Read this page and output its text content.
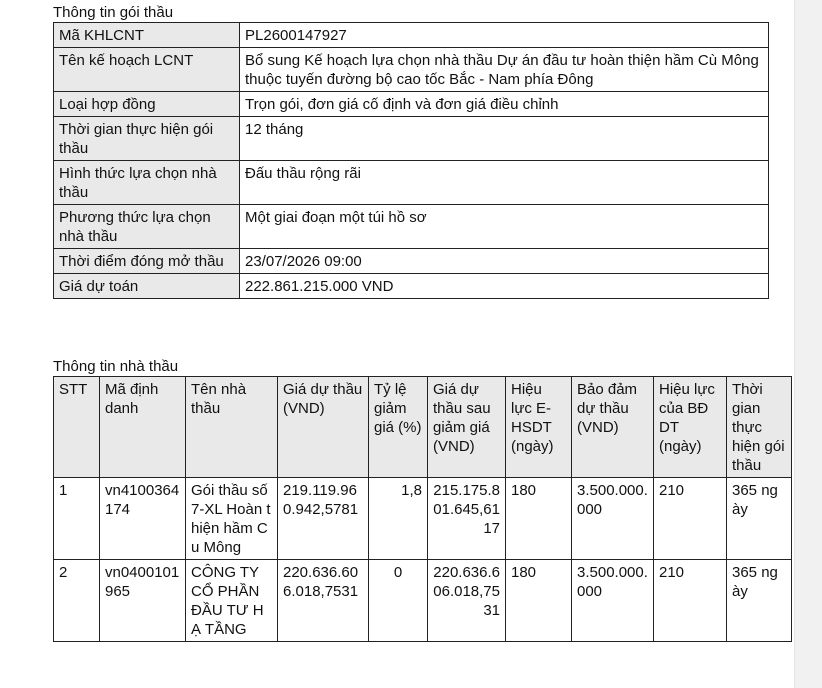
Thông tin gói thầu
Mã KHLCNT	PL2600147927
Tên kế hoạch LCNT	Bổ sung Kế hoạch lựa chọn nhà thầu Dự án đầu tư hoàn thiện hầm Cù Mông thuộc tuyến đường bộ cao tốc Bắc - Nam phía Đông
Loại hợp đồng	Trọn gói, đơn giá cố định và đơn giá điều chỉnh
Thời gian thực hiện gói thầu	12 tháng
Hình thức lựa chọn nhà thầu	Đấu thầu rộng rãi
Phương thức lựa chọn nhà thầu	Một giai đoạn một túi hồ sơ
Thời điểm đóng mở thầu	23/07/2026 09:00
Giá dự toán	222.861.215.000 VND
Thông tin nhà thầu
STT	Mã định danh	Tên nhà thầu	Giá dự thầu (VND)	Tỷ lệ giảm giá (%)	Giá dự thầu sau giảm giá (VND)	Hiệu lực E-HSDT (ngày)	Bảo đảm dự thầu (VND)	Hiệu lực của BĐ DT (ngày)	Thời gian thực hiện gói thầu
1	vn4100364174	Gói thầu số 7-XL Hoàn thiện hầm Cu Mông	219.119.960.942,5781	1,8	215.175.801.645,6117	180	3.500.000.000	210	365 ngày
2	vn0400101965	CÔNG TY CỔ PHẦN ĐẦU TƯ HẠ TẦNG	220.636.606.018,7531	0	220.636.606.018,7531	180	3.500.000.000	210	365 ngày
